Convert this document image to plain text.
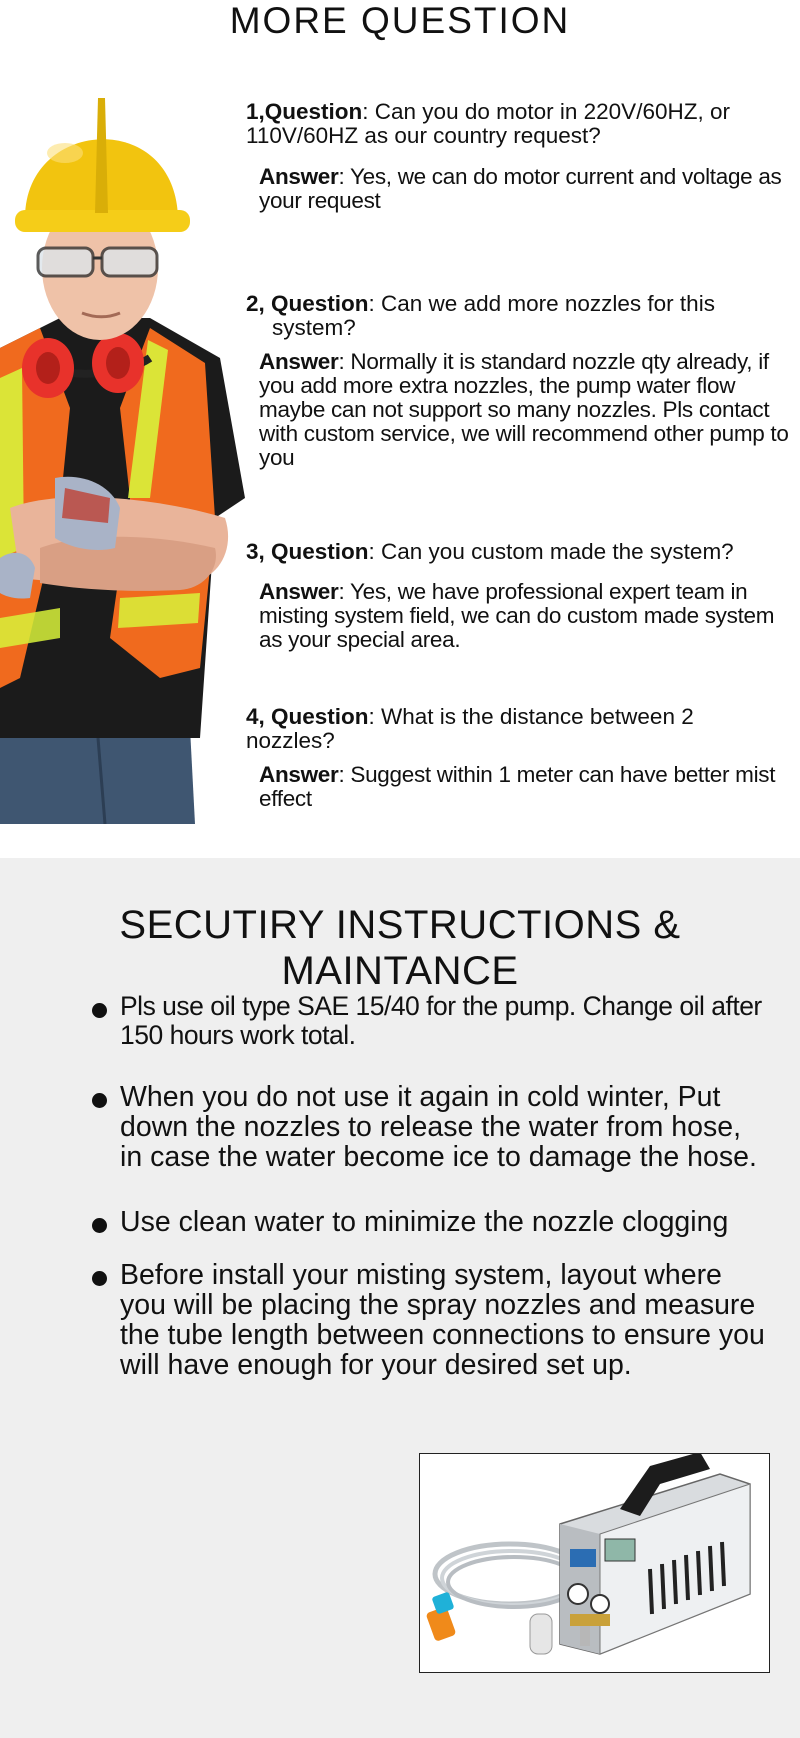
MORE QUESTION
1,Question: Can you do motor in 220V/60HZ, or
110V/60HZ as our country request?
Answer: Yes, we can do motor current and voltage as your request
2, Question: Can we add more nozzles for this
system?
Answer: Normally it is standard nozzle qty already, if you add more extra nozzles, the pump water flow maybe can not support so many nozzles. Pls contact with custom service, we will recommend other pump to you
3, Question: Can you custom made the system?
Answer: Yes, we have professional expert team in misting system field, we can do custom made system as your special area.
4, Question: What is the distance between 2
nozzles?
Answer: Suggest within 1 meter can have better mist effect
SECUTIRY INSTRUCTIONS & MAINTANCE
Pls use oil type SAE 15/40 for the pump. Change oil after 150 hours work total.
When you do not use it again in cold winter, Put down the nozzles to release the water from hose, in case the water become ice to damage the hose.
Use clean water to minimize the nozzle clogging
Before install your misting system, layout where you will be placing the spray nozzles and measure the tube length between connections to ensure you will have enough for your desired set up.
